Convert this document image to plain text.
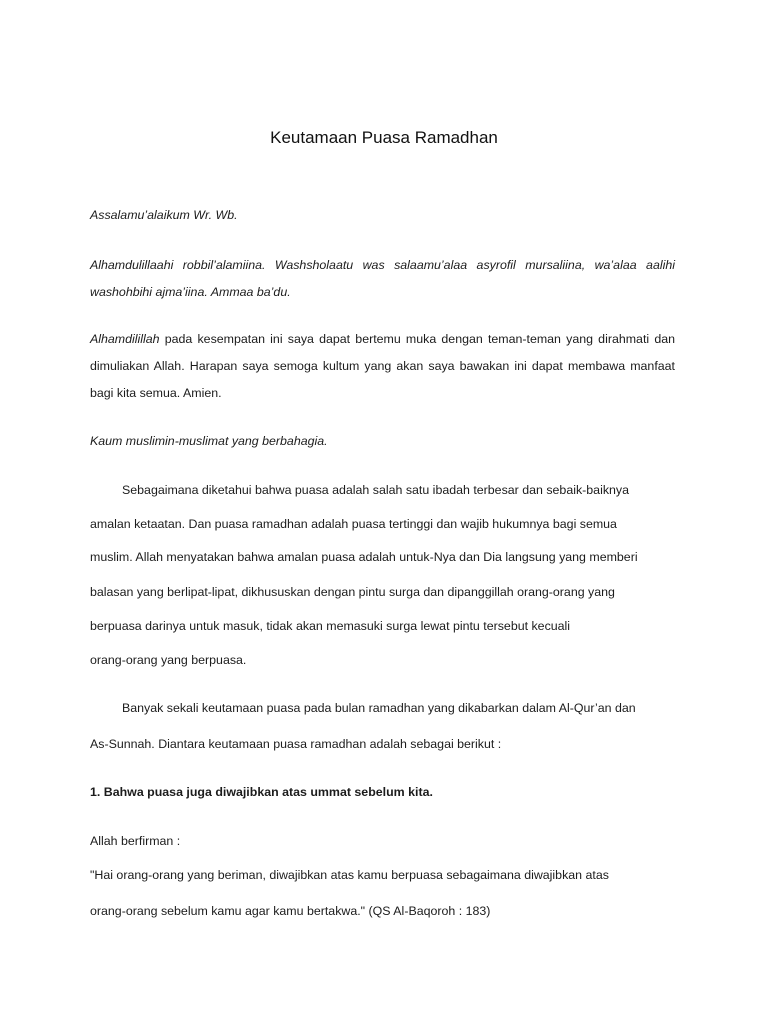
Keutamaan Puasa Ramadhan
Assalamu’alaikum Wr. Wb.
Alhamdulillaahi robbil’alamiina. Washsholaatu was salaamu’alaa asyrofil mursaliina, wa’alaa aalihi
washohbihi ajma’iina. Ammaa ba’du.
Alhamdilillah pada kesempatan ini saya dapat bertemu muka dengan teman-teman yang dirahmati dan
dimuliakan Allah. Harapan saya semoga kultum yang akan saya bawakan ini dapat membawa manfaat
bagi kita semua. Amien.
Kaum muslimin-muslimat yang berbahagia.
Sebagaimana diketahui bahwa puasa adalah salah satu ibadah terbesar dan sebaik-baiknya
amalan ketaatan. Dan puasa ramadhan adalah puasa tertinggi dan wajib hukumnya bagi semua
muslim. Allah menyatakan bahwa amalan puasa adalah untuk-Nya dan Dia langsung yang memberi
balasan yang berlipat-lipat, dikhususkan dengan pintu surga dan dipanggillah orang-orang yang
berpuasa darinya untuk masuk, tidak akan memasuki surga lewat pintu tersebut kecuali
orang-orang yang berpuasa.
Banyak sekali keutamaan puasa pada bulan ramadhan yang dikabarkan dalam Al-Qur’an dan
As-Sunnah. Diantara keutamaan puasa ramadhan adalah sebagai berikut :
1. Bahwa puasa juga diwajibkan atas ummat sebelum kita.
Allah berfirman :
"Hai orang-orang yang beriman, diwajibkan atas kamu berpuasa sebagaimana diwajibkan atas
orang-orang sebelum kamu agar kamu bertakwa." (QS Al-Baqoroh : 183)
